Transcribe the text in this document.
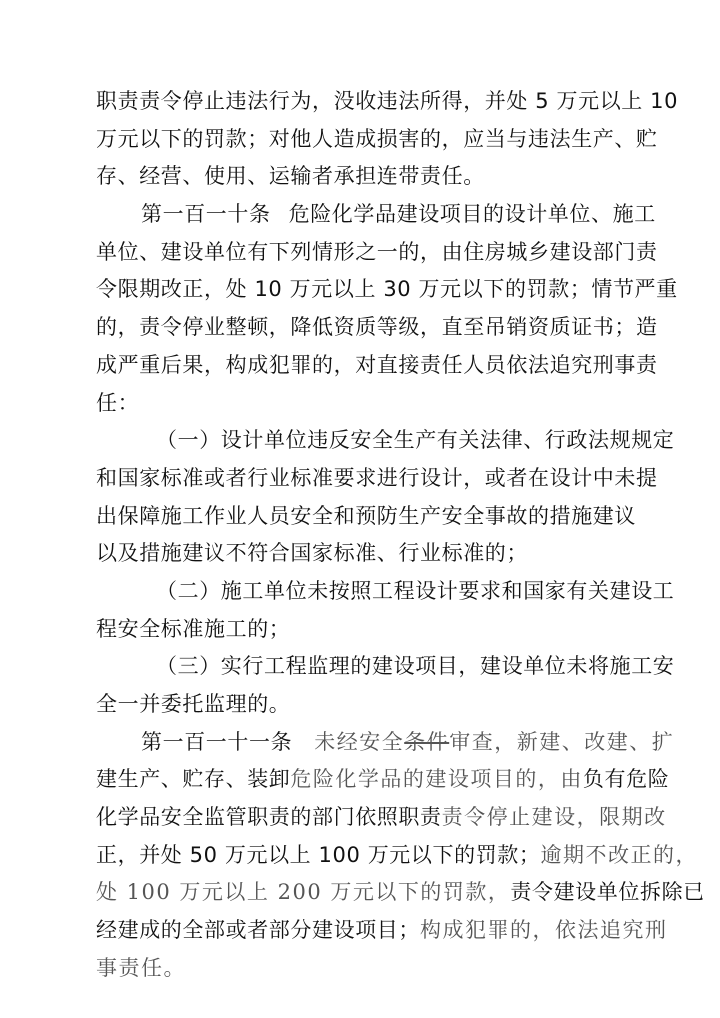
职责责令停止违法行为，没收违法所得，并处 5 万元以上 10
万元以下的罚款；对他人造成损害的，应当与违法生产、贮
存、经营、使用、运输者承担连带责任。
第一百一十条 危险化学品建设项目的设计单位、施工
单位、建设单位有下列情形之一的，由住房城乡建设部门责
令限期改正，处 10 万元以上 30 万元以下的罚款；情节严重
的，责令停业整顿，降低资质等级，直至吊销资质证书；造
成严重后果，构成犯罪的，对直接责任人员依法追究刑事责
任：
（一）设计单位违反安全生产有关法律、行政法规规定
和国家标准或者行业标准要求进行设计，或者在设计中未提
出保障施工作业人员安全和预防生产安全事故的措施建议
以及措施建议不符合国家标准、行业标准的；
（二）施工单位未按照工程设计要求和国家有关建设工
程安全标准施工的；
（三）实行工程监理的建设项目，建设单位未将施工安
全一并委托监理的。
第一百一十一条 未经安全条件审查，新建、改建、扩
建生产、贮存、装卸危险化学品的建设项目的，由负有危险
化学品安全监管职责的部门依照职责责令停止建设，限期改
正，并处 50 万元以上 100 万元以下的罚款；逾期不改正的，
处 100 万元以上 200 万元以下的罚款，责令建设单位拆除已
经建成的全部或者部分建设项目；构成犯罪的，依法追究刑
事责任。
